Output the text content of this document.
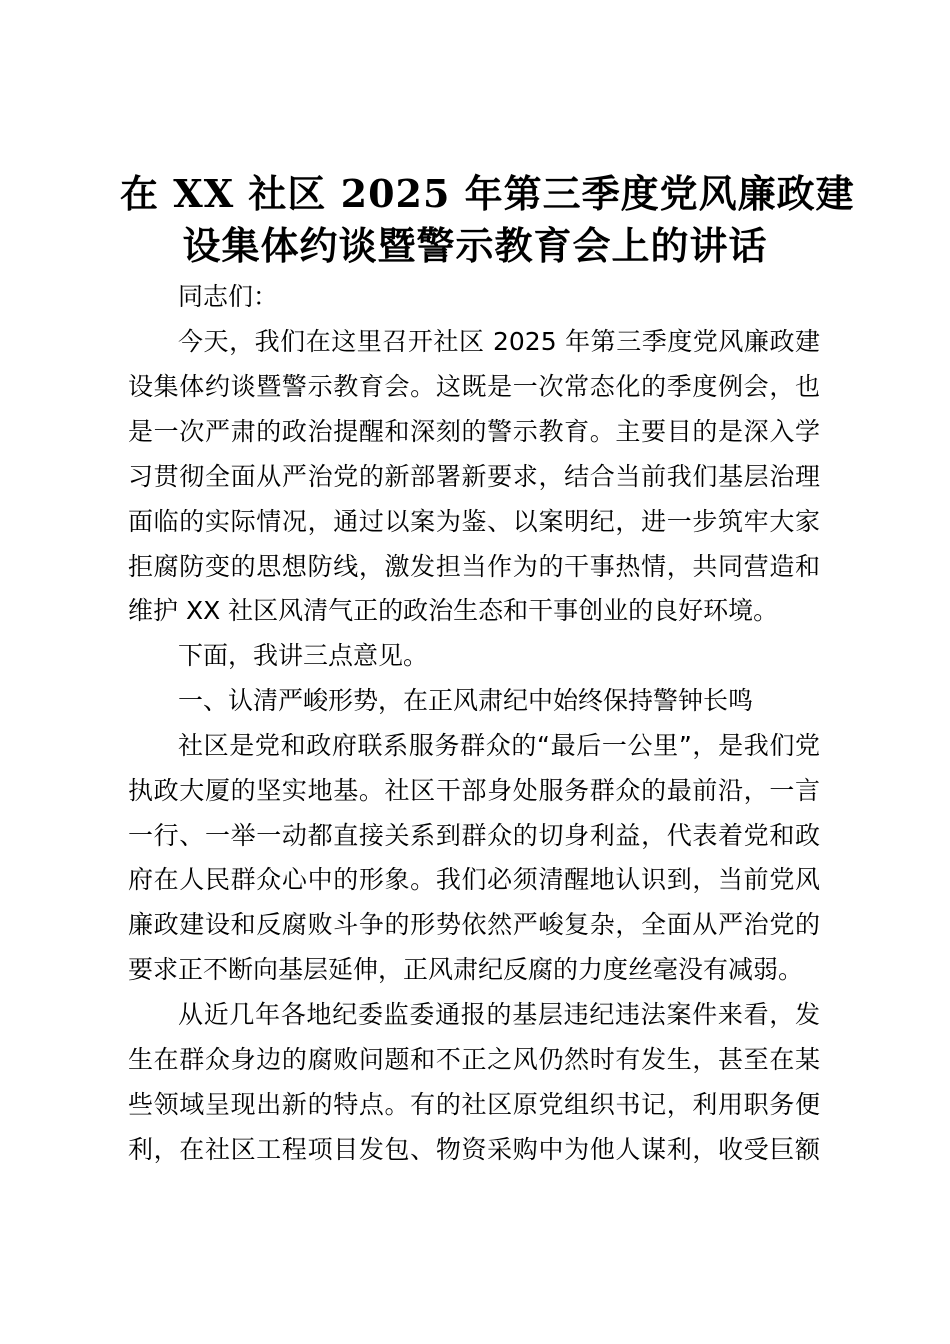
在 XX 社区 2025 年第三季度党风廉政建
设集体约谈暨警示教育会上的讲话
同志们：
今天，我们在这里召开社区 2025 年第三季度党风廉政建
设集体约谈暨警示教育会。这既是一次常态化的季度例会，也
是一次严肃的政治提醒和深刻的警示教育。主要目的是深入学
习贯彻全面从严治党的新部署新要求，结合当前我们基层治理
面临的实际情况，通过以案为鉴、以案明纪，进一步筑牢大家
拒腐防变的思想防线，激发担当作为的干事热情，共同营造和
维护 XX 社区风清气正的政治生态和干事创业的良好环境。
下面，我讲三点意见。
一、认清严峻形势，在正风肃纪中始终保持警钟长鸣
社区是党和政府联系服务群众的“最后一公里”，是我们党
执政大厦的坚实地基。社区干部身处服务群众的最前沿，一言
一行、一举一动都直接关系到群众的切身利益，代表着党和政
府在人民群众心中的形象。我们必须清醒地认识到，当前党风
廉政建设和反腐败斗争的形势依然严峻复杂，全面从严治党的
要求正不断向基层延伸，正风肃纪反腐的力度丝毫没有减弱。
从近几年各地纪委监委通报的基层违纪违法案件来看，发
生在群众身边的腐败问题和不正之风仍然时有发生，甚至在某
些领域呈现出新的特点。有的社区原党组织书记，利用职务便
利，在社区工程项目发包、物资采购中为他人谋利，收受巨额
